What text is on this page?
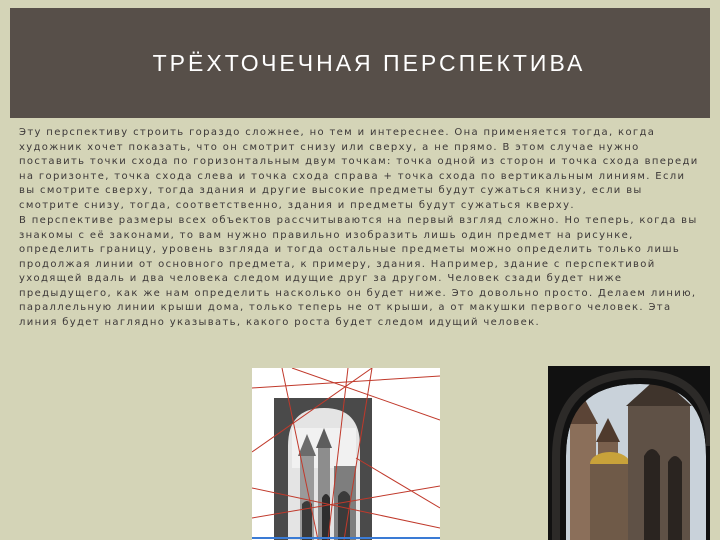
ТРЁХТОЧЕЧНАЯ ПЕРСПЕКТИВА

Эту перспективу строить гораздо сложнее, но тем и интереснее. Она применяется тогда, когда художник хочет показать, что он смотрит снизу или сверху, а не прямо. В этом случае нужно поставить точки схода по горизонтальным двум точкам: точка одной из сторон и точка схода впереди на горизонте, точка схода слева и точка схода справа + точка схода по вертикальным линиям. Если вы смотрите сверху, тогда здания и другие высокие предметы будут сужаться книзу, если вы смотрите снизу, тогда, соответственно, здания и предметы будут сужаться кверху.

В перспективе размеры всех объектов рассчитываются на первый взгляд сложно. Но теперь, когда вы знакомы с её законами, то вам нужно правильно изобразить лишь один предмет на рисунке, определить границу, уровень взгляда и тогда остальные предметы можно определить только лишь продолжая линии от основного предмета, к примеру, здания. Например, здание с перспективой уходящей вдаль и два человека следом идущие друг за другом. Человек сзади будет ниже предыдущего, как же нам определить насколько он будет ниже. Это довольно просто. Делаем линию, параллельную линии крыши дома, только теперь не от крыши, а от макушки первого человек. Эта линия будет наглядно указывать, какого роста будет следом идущий человек.
